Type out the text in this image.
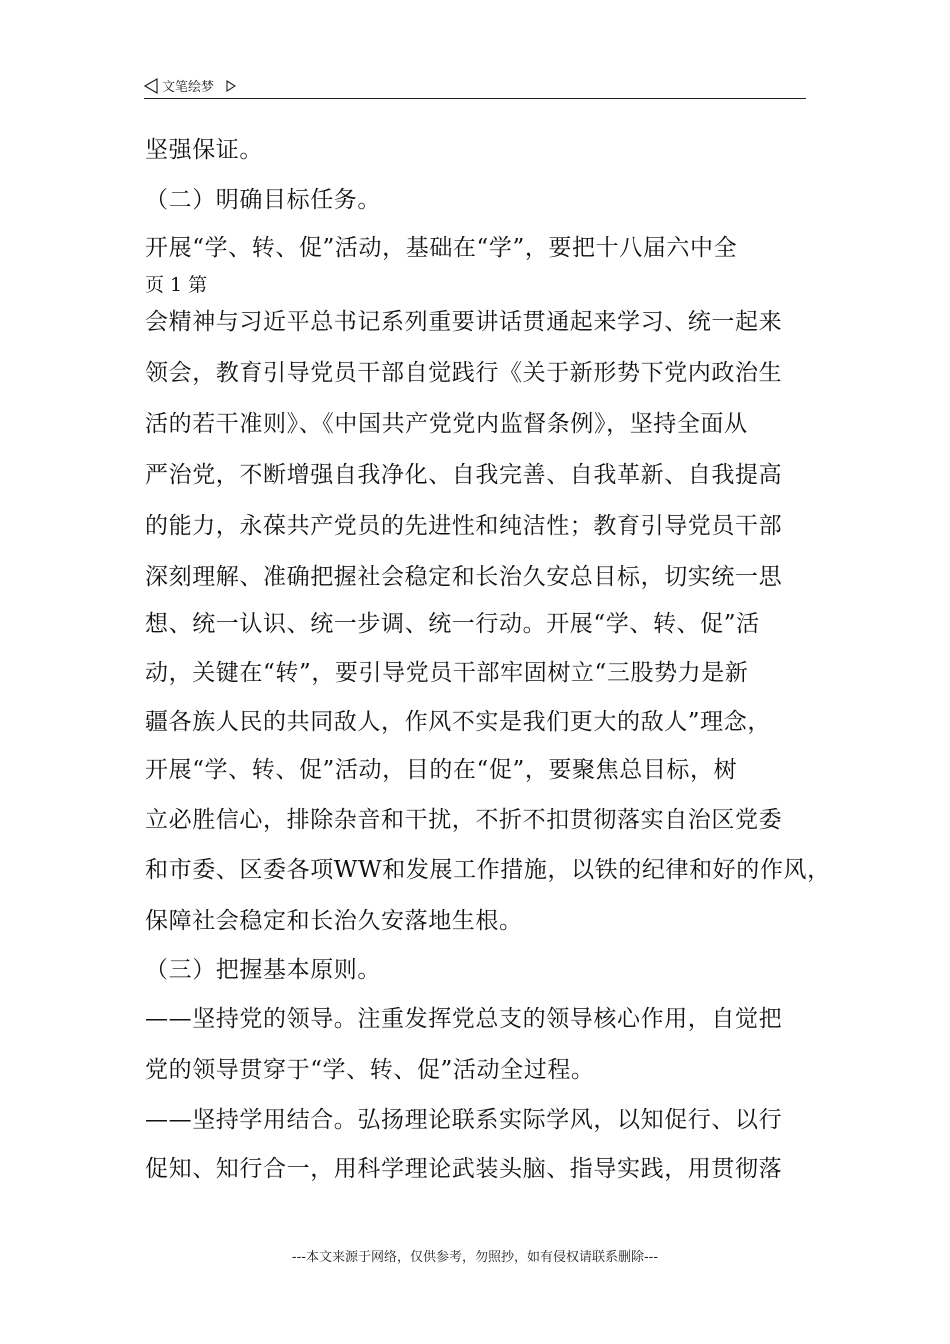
文笔绘梦
坚强保证。
（二）明确目标任务。
开展“学、转、促”活动，基础在“学”，要把十八届六中全
页 1 第
会精神与习近平总书记系列重要讲话贯通起来学习、统一起来
领会，教育引导党员干部自觉践行《关于新形势下党内政治生
活的若干准则》、《中国共产党党内监督条例》，坚持全面从
严治党，不断增强自我净化、自我完善、自我革新、自我提高
的能力，永葆共产党员的先进性和纯洁性；教育引导党员干部
深刻理解、准确把握社会稳定和长治久安总目标，切实统一思
想、统一认识、统一步调、统一行动。开展“学、转、促”活
动，关键在“转”，要引导党员干部牢固树立“三股势力是新
疆各族人民的共同敌人，作风不实是我们更大的敌人”理念，
开展“学、转、促”活动，目的在“促”，要聚焦总目标，树
立必胜信心，排除杂音和干扰，不折不扣贯彻落实自治区党委
和市委、区委各项WW和发展工作措施，以铁的纪律和好的作风，
保障社会稳定和长治久安落地生根。
（三）把握基本原则。
——坚持党的领导。注重发挥党总支的领导核心作用，自觉把
党的领导贯穿于“学、转、促”活动全过程。
——坚持学用结合。弘扬理论联系实际学风，以知促行、以行
促知、知行合一，用科学理论武装头脑、指导实践，用贯彻落
---本文来源于网络，仅供参考，勿照抄，如有侵权请联系删除---
